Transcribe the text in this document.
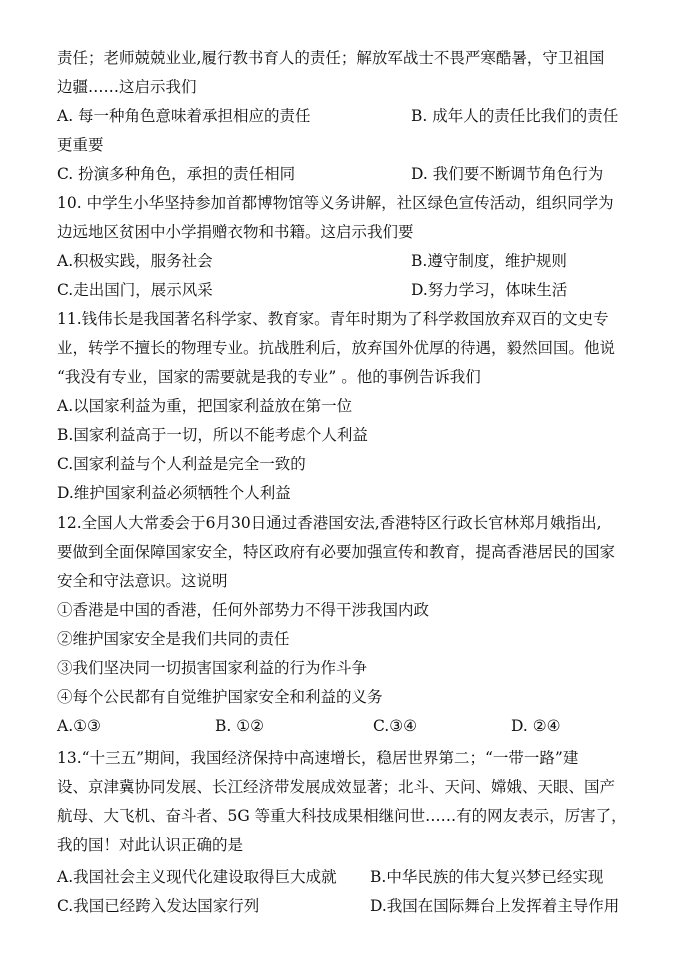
责任；老师兢兢业业,履行教书育人的责任；解放军战士不畏严寒酷暑，守卫祖国
边疆……这启示我们
A. 每一种角色意味着承担相应的责任	B. 成年人的责任比我们的责任
更重要
C. 扮演多种角色，承担的责任相同	D. 我们要不断调节角色行为
10. 中学生小华坚持参加首都博物馆等义务讲解，社区绿色宣传活动，组织同学为
边远地区贫困中小学捐赠衣物和书籍。这启示我们要
A.积极实践，服务社会	B.遵守制度，维护规则
C.走出国门，展示风采	D.努力学习，体味生活
11.钱伟长是我国著名科学家、教育家。青年时期为了科学救国放弃双百的文史专
业，转学不擅长的物理专业。抗战胜利后，放弃国外优厚的待遇，毅然回国。他说
“我没有专业，国家的需要就是我的专业” 。他的事例告诉我们
A.以国家利益为重，把国家利益放在第一位
B.国家利益高于一切，所以不能考虑个人利益
C.国家利益与个人利益是完全一致的
D.维护国家利益必须牺牲个人利益
12.全国人大常委会于6月30日通过香港国安法,香港特区行政长官林郑月娥指出,
要做到全面保障国家安全，特区政府有必要加强宣传和教育，提高香港居民的国家
安全和守法意识。这说明
①香港是中国的香港，任何外部势力不得干涉我国内政
②维护国家安全是我们共同的责任
③我们坚决同一切损害国家利益的行为作斗争
④每个公民都有自觉维护国家安全和利益的义务
A.①③	B. ①②	C.③④	D. ②④
13.“十三五”期间，我国经济保持中高速增长，稳居世界第二；“一带一路”建
设、京津冀协同发展、长江经济带发展成效显著；北斗、天问、嫦娥、天眼、国产
航母、大飞机、奋斗者、5G 等重大科技成果相继问世……有的网友表示，厉害了，
我的国！对此认识正确的是
A.我国社会主义现代化建设取得巨大成就 B.中华民族的伟大复兴梦已经实现
C.我国已经跨入发达国家行列	D.我国在国际舞台上发挥着主导作用
